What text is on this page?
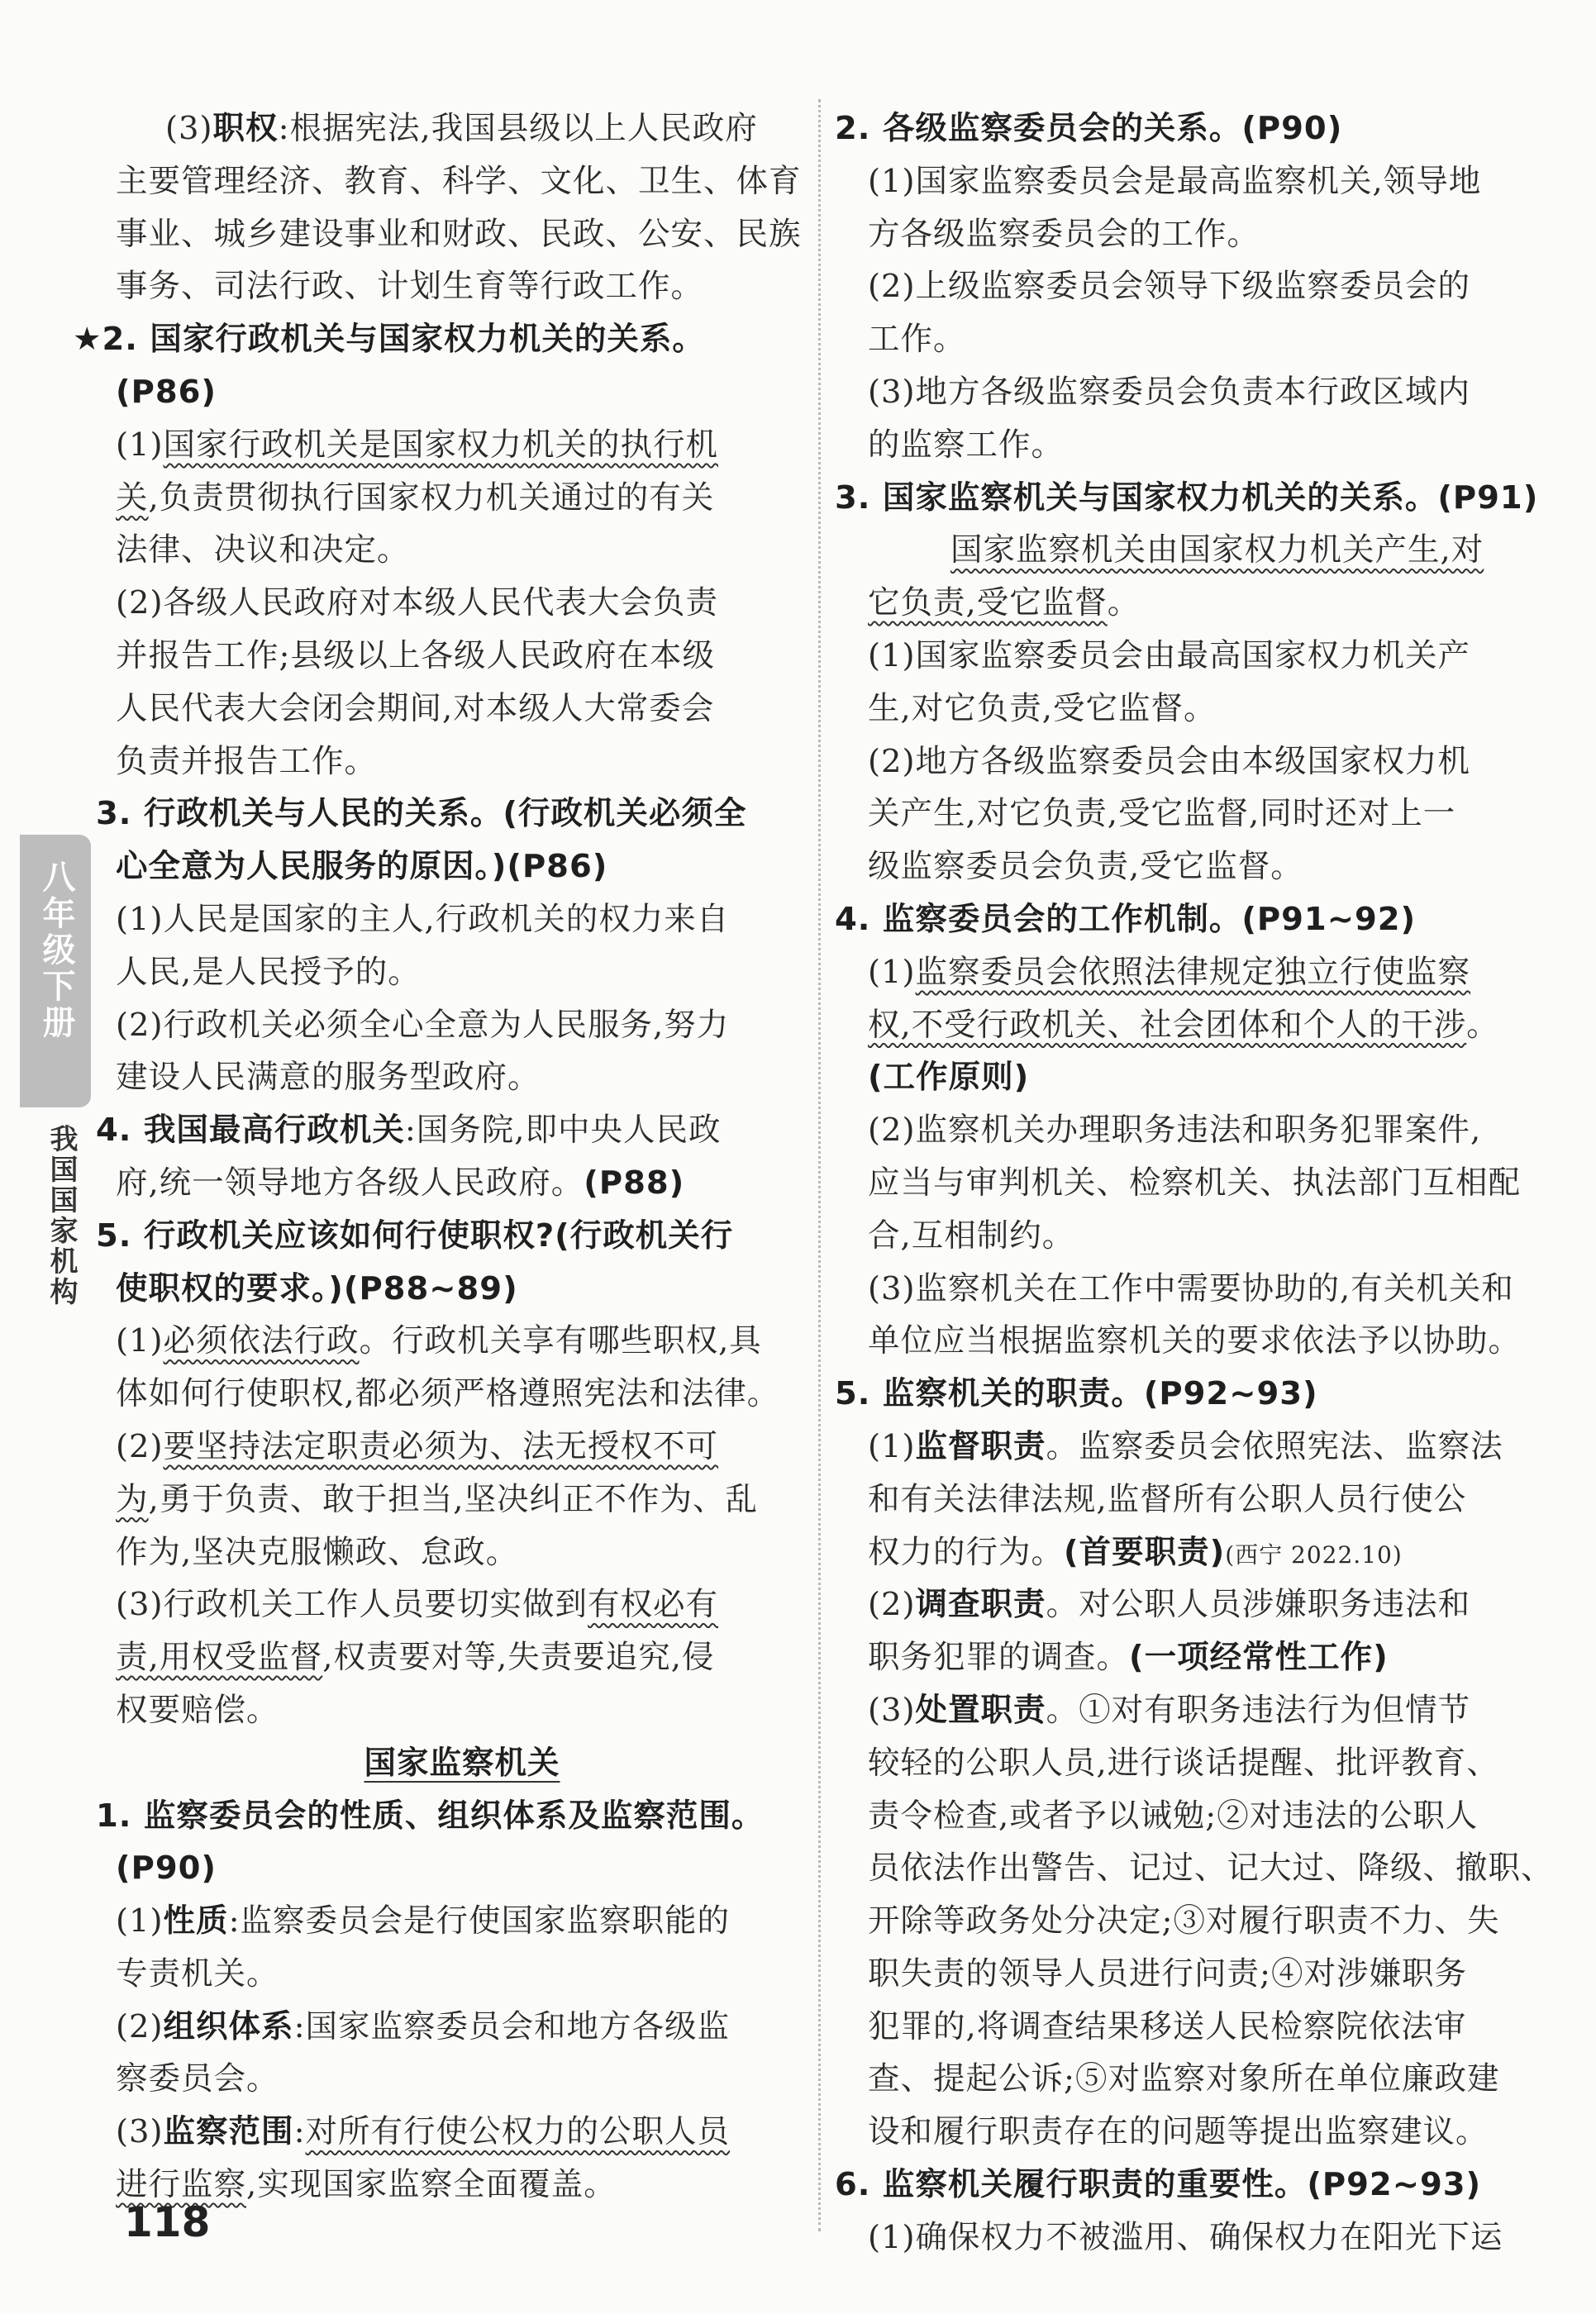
八年级下册
我国国家机构
(3)职权:根据宪法,我国县级以上人民政府
主要管理经济、教育、科学、文化、卫生、体育
事业、城乡建设事业和财政、民政、公安、民族
事务、司法行政、计划生育等行政工作。
★2. 国家行政机关与国家权力机关的关系。
(P86)
(1)国家行政机关是国家权力机关的执行机
关,负责贯彻执行国家权力机关通过的有关
法律、决议和决定。
(2)各级人民政府对本级人民代表大会负责
并报告工作;县级以上各级人民政府在本级
人民代表大会闭会期间,对本级人大常委会
负责并报告工作。
3. 行政机关与人民的关系。(行政机关必须全
心全意为人民服务的原因。)(P86)
(1)人民是国家的主人,行政机关的权力来自
人民,是人民授予的。
(2)行政机关必须全心全意为人民服务,努力
建设人民满意的服务型政府。
4. 我国最高行政机关:国务院,即中央人民政
府,统一领导地方各级人民政府。(P88)
5. 行政机关应该如何行使职权?(行政机关行
使职权的要求。)(P88~89)
(1)必须依法行政。行政机关享有哪些职权,具
体如何行使职权,都必须严格遵照宪法和法律。
(2)要坚持法定职责必须为、法无授权不可
为,勇于负责、敢于担当,坚决纠正不作为、乱
作为,坚决克服懒政、怠政。
(3)行政机关工作人员要切实做到有权必有
责,用权受监督,权责要对等,失责要追究,侵
权要赔偿。
国家监察机关
1. 监察委员会的性质、组织体系及监察范围。
(P90)
(1)性质:监察委员会是行使国家监察职能的
专责机关。
(2)组织体系:国家监察委员会和地方各级监
察委员会。
(3)监察范围:对所有行使公权力的公职人员
进行监察,实现国家监察全面覆盖。
2. 各级监察委员会的关系。(P90)
(1)国家监察委员会是最高监察机关,领导地
方各级监察委员会的工作。
(2)上级监察委员会领导下级监察委员会的
工作。
(3)地方各级监察委员会负责本行政区域内
的监察工作。
3. 国家监察机关与国家权力机关的关系。(P91)
国家监察机关由国家权力机关产生,对
它负责,受它监督。
(1)国家监察委员会由最高国家权力机关产
生,对它负责,受它监督。
(2)地方各级监察委员会由本级国家权力机
关产生,对它负责,受它监督,同时还对上一
级监察委员会负责,受它监督。
4. 监察委员会的工作机制。(P91~92)
(1)监察委员会依照法律规定独立行使监察
权,不受行政机关、社会团体和个人的干涉。
(工作原则)
(2)监察机关办理职务违法和职务犯罪案件,
应当与审判机关、检察机关、执法部门互相配
合,互相制约。
(3)监察机关在工作中需要协助的,有关机关和
单位应当根据监察机关的要求依法予以协助。
5. 监察机关的职责。(P92~93)
(1)监督职责。监察委员会依照宪法、监察法
和有关法律法规,监督所有公职人员行使公
权力的行为。(首要职责)(西宁 2022.10)
(2)调查职责。对公职人员涉嫌职务违法和
职务犯罪的调查。(一项经常性工作)
(3)处置职责。①对有职务违法行为但情节
较轻的公职人员,进行谈话提醒、批评教育、
责令检查,或者予以诫勉;②对违法的公职人
员依法作出警告、记过、记大过、降级、撤职、
开除等政务处分决定;③对履行职责不力、失
职失责的领导人员进行问责;④对涉嫌职务
犯罪的,将调查结果移送人民检察院依法审
查、提起公诉;⑤对监察对象所在单位廉政建
设和履行职责存在的问题等提出监察建议。
6. 监察机关履行职责的重要性。(P92~93)
(1)确保权力不被滥用、确保权力在阳光下运
118
